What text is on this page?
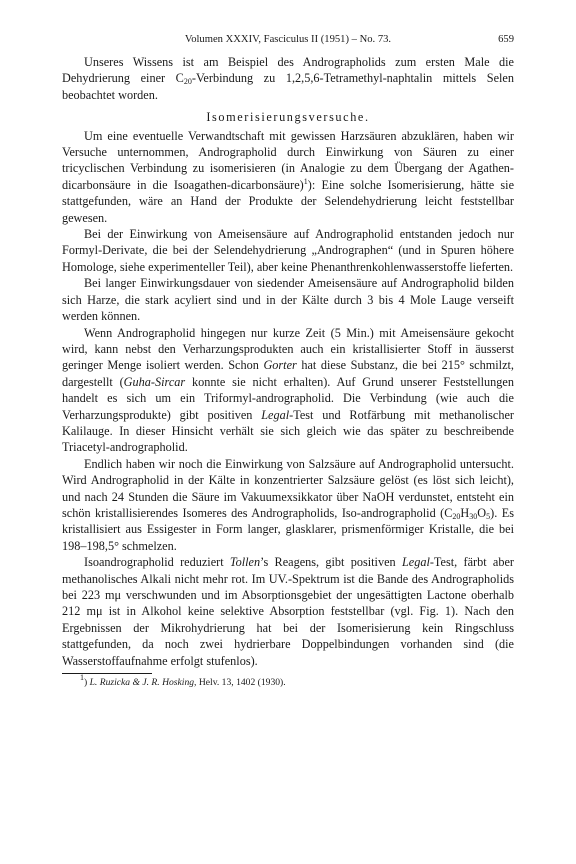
Volumen XXXIV, Fasciculus II (1951) – No. 73.	659

Unseres Wissens ist am Beispiel des Andrographolids zum ersten Male die Dehydrierung einer $C_{20}$-Verbindung zu 1,2,5,6-Tetramethyl-naphtalin mittels Selen beobachtet worden.

Isomerisierungsversuche.

Um eine eventuelle Verwandtschaft mit gewissen Harzsäuren abzuklären, haben wir Versuche unternommen, Andrographolid durch Einwirkung von Säuren zu einer tricyclischen Verbindung zu isomerisieren (in Analogie zu dem Übergang der Agathen-dicarbonsäure in die Isoagathen-dicarbonsäure)$^1$): Eine solche Isomerisierung, hätte sie stattgefunden, wäre an Hand der Produkte der Selendehydrierung leicht feststellbar gewesen.

Bei der Einwirkung von Ameisensäure auf Andrographolid entstanden jedoch nur Formyl-Derivate, die bei der Selendehydrierung „Andrographen“ (und in Spuren höhere Homologe, siehe experimenteller Teil), aber keine Phenanthrenkohlenwasserstoffe lieferten.

Bei langer Einwirkungsdauer von siedender Ameisensäure auf Andrographolid bilden sich Harze, die stark acyliert sind und in der Kälte durch 3 bis 4 Mole Lauge verseift werden können.

Wenn Andrographolid hingegen nur kurze Zeit (5 Min.) mit Ameisensäure gekocht wird, kann nebst den Verharzungsprodukten auch ein kristallisierter Stoff in äusserst geringer Menge isoliert werden. Schon Gorter hat diese Substanz, die bei 215° schmilzt, dargestellt (Guha-Sircar konnte sie nicht erhalten). Auf Grund unserer Feststellungen handelt es sich um ein Triformyl-andrographolid. Die Verbindung (wie auch die Verharzungsprodukte) gibt positiven Legal-Test und Rotfärbung mit methanolischer Kalilauge. In dieser Hinsicht verhält sie sich gleich wie das später zu beschreibende Triacetyl-andrographolid.

Endlich haben wir noch die Einwirkung von Salzsäure auf Andrographolid untersucht. Wird Andrographolid in der Kälte in konzentrierter Salzsäure gelöst (es löst sich leicht), und nach 24 Stunden die Säure im Vakuumexsikkator über NaOH verdunstet, entsteht ein schön kristallisierendes Isomeres des Andrographolids, Iso-andrographolid $(C_{20}H_{30}O_5)$. Es kristallisiert aus Essigester in Form langer, glasklarer, prismenförmiger Kristalle, die bei 198–198,5° schmelzen.

Isoandrographolid reduziert Tollen’s Reagens, gibt positiven Legal-Test, färbt aber methanolisches Alkali nicht mehr rot. Im UV.-Spektrum ist die Bande des Andrographolids bei 223 mμ verschwunden und im Absorptionsgebiet der ungesättigten Lactone oberhalb 212 mμ ist in Alkohol keine selektive Absorption feststellbar (vgl. Fig. 1). Nach den Ergebnissen der Mikrohydrierung hat bei der Isomerisierung kein Ringschluss stattgefunden, da noch zwei hydrierbare Doppelbindungen vorhanden sind (die Wasserstoffaufnahme erfolgt stufenlos).

$^1$) L. Ruzicka & J. R. Hosking, Helv. 13, 1402 (1930).
